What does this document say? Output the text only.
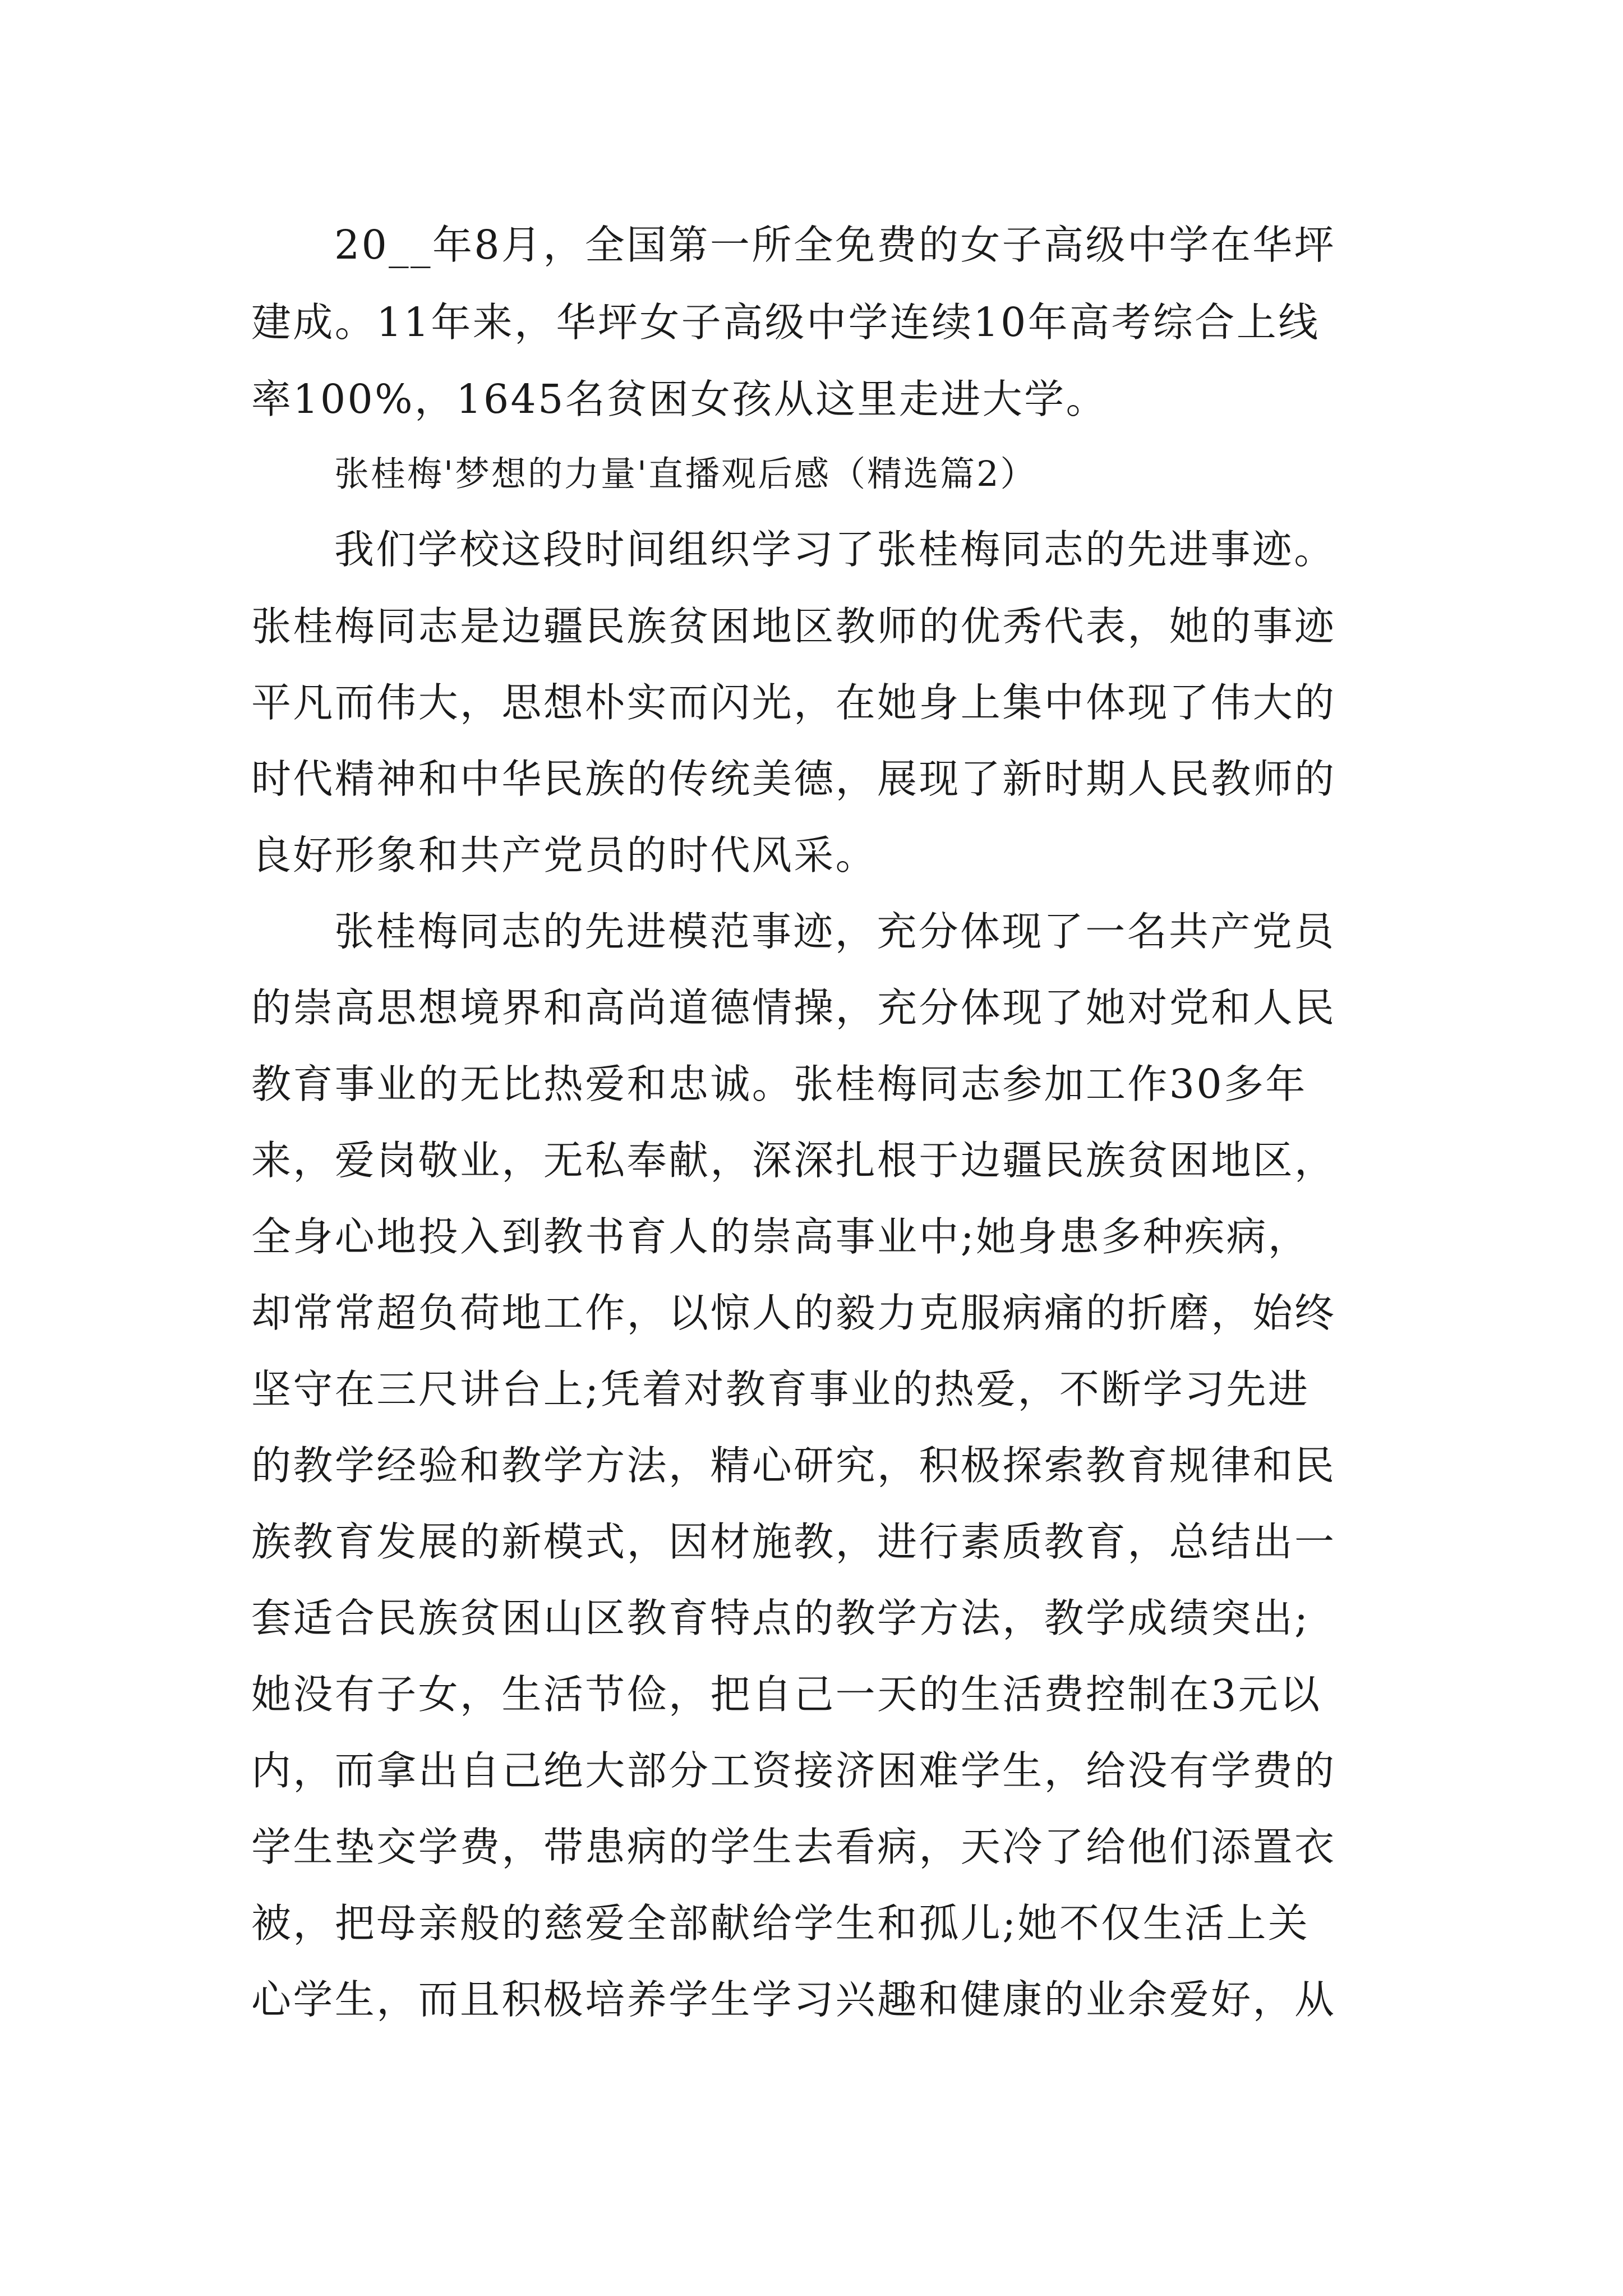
20__年8月，全国第一所全免费的女子高级中学在华坪
建成。11年来，华坪女子高级中学连续10年高考综合上线
率100%，1645名贫困女孩从这里走进大学。
张桂梅'梦想的力量'直播观后感（精选篇2）
我们学校这段时间组织学习了张桂梅同志的先进事迹。
张桂梅同志是边疆民族贫困地区教师的优秀代表，她的事迹
平凡而伟大，思想朴实而闪光，在她身上集中体现了伟大的
时代精神和中华民族的传统美德，展现了新时期人民教师的
良好形象和共产党员的时代风采。
张桂梅同志的先进模范事迹，充分体现了一名共产党员
的崇高思想境界和高尚道德情操，充分体现了她对党和人民
教育事业的无比热爱和忠诚。张桂梅同志参加工作30多年
来，爱岗敬业，无私奉献，深深扎根于边疆民族贫困地区，
全身心地投入到教书育人的崇高事业中;她身患多种疾病，
却常常超负荷地工作，以惊人的毅力克服病痛的折磨，始终
坚守在三尺讲台上;凭着对教育事业的热爱，不断学习先进
的教学经验和教学方法，精心研究，积极探索教育规律和民
族教育发展的新模式，因材施教，进行素质教育，总结出一
套适合民族贫困山区教育特点的教学方法，教学成绩突出;
她没有子女，生活节俭，把自己一天的生活费控制在3元以
内，而拿出自己绝大部分工资接济困难学生，给没有学费的
学生垫交学费，带患病的学生去看病，天冷了给他们添置衣
被，把母亲般的慈爱全部献给学生和孤儿;她不仅生活上关
心学生，而且积极培养学生学习兴趣和健康的业余爱好，从
